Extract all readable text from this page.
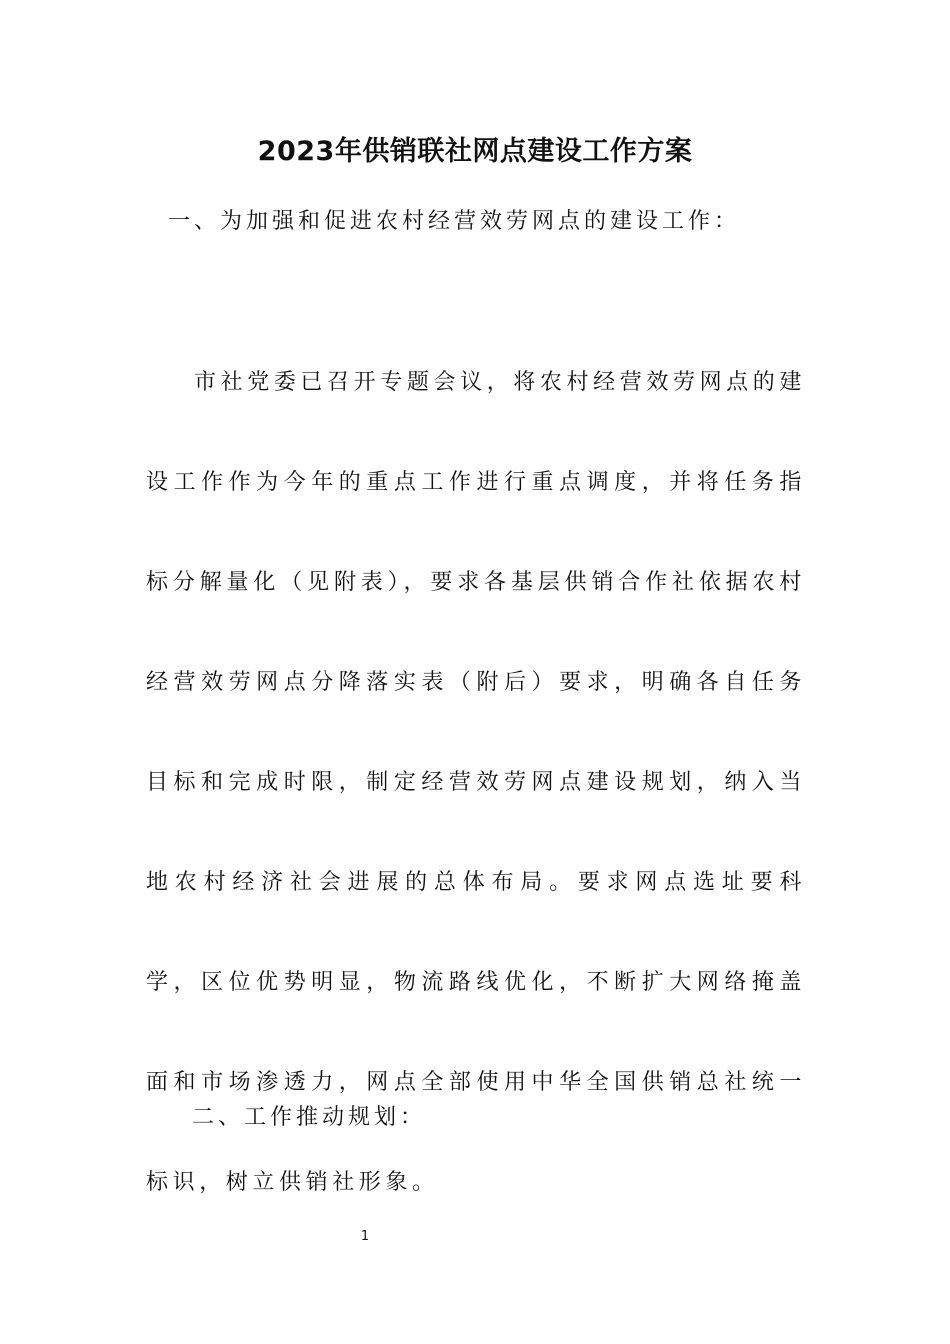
2023年供销联社网点建设工作方案
一、为加强和促进农村经营效劳网点的建设工作：
市社党委已召开专题会议，将农村经营效劳网点的建设工作作为今年的重点工作进行重点调度，并将任务指标分解量化（见附表），要求各基层供销合作社依据农村经营效劳网点分降落实表（附后）要求，明确各自任务目标和完成时限，制定经营效劳网点建设规划，纳入当地农村经济社会进展的总体布局。要求网点选址要科学，区位优势明显，物流路线优化，不断扩大网络掩盖面和市场渗透力，网点全部使用中华全国供销总社统一标识，树立供销社形象。
二、工作推动规划：
1
